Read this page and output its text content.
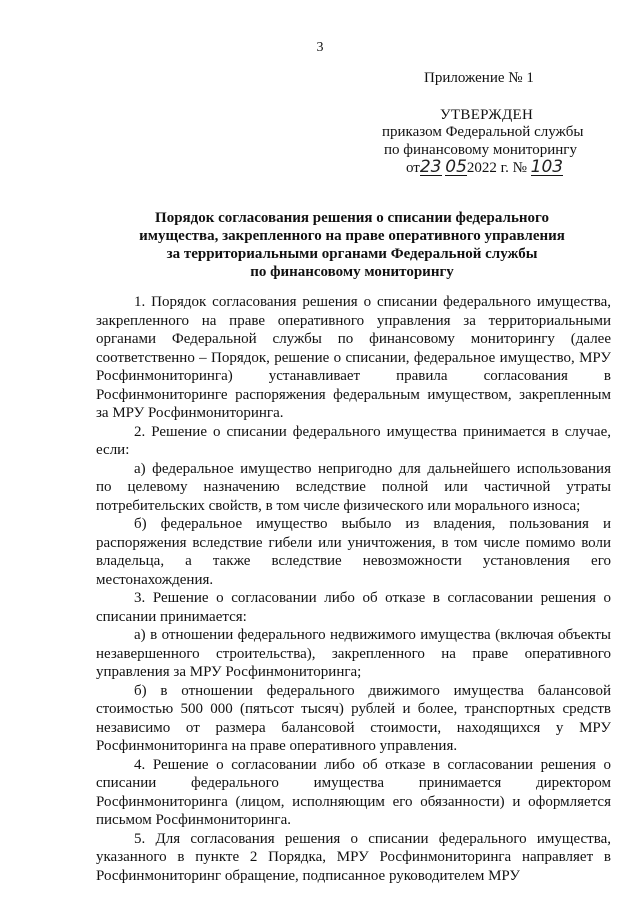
3
Приложение № 1
УТВЕРЖДЕН
приказом Федеральной службы
по финансовому мониторингу
от23 052022 г. № 103
Порядок согласования решения о списании федерального
имущества, закрепленного на праве оперативного управления
за территориальными органами Федеральной службы
по финансовому мониторингу

1. Порядок согласования решения о списании федерального имущества, закрепленного на праве оперативного управления за территориальными органами Федеральной службы по финансовому мониторингу (далее соответственно – Порядок, решение о списании, федеральное имущество, МРУ Росфинмониторинга) устанавливает правила согласования в Росфинмониторинге распоряжения федеральным имуществом, закрепленным за МРУ Росфинмониторинга.

2. Решение о списании федерального имущества принимается в случае, если:

а) федеральное имущество непригодно для дальнейшего использования по целевому назначению вследствие полной или частичной утраты потребительских свойств, в том числе физического или морального износа;

б) федеральное имущество выбыло из владения, пользования и распоряжения вследствие гибели или уничтожения, в том числе помимо воли владельца, а также вследствие невозможности установления его местонахождения.

3. Решение о согласовании либо об отказе в согласовании решения о списании принимается:

а) в отношении федерального недвижимого имущества (включая объекты незавершенного строительства), закрепленного на праве оперативного управления за МРУ Росфинмониторинга;

б) в отношении федерального движимого имущества балансовой стоимостью 500 000 (пятьсот тысяч) рублей и более, транспортных средств независимо от размера балансовой стоимости, находящихся у МРУ Росфинмониторинга на праве оперативного управления.

4. Решение о согласовании либо об отказе в согласовании решения о списании федерального имущества принимается директором Росфинмониторинга (лицом, исполняющим его обязанности) и оформляется письмом Росфинмониторинга.

5. Для согласования решения о списании федерального имущества, указанного в пункте 2 Порядка, МРУ Росфинмониторинга направляет в Росфинмониторинг обращение, подписанное руководителем МРУ
